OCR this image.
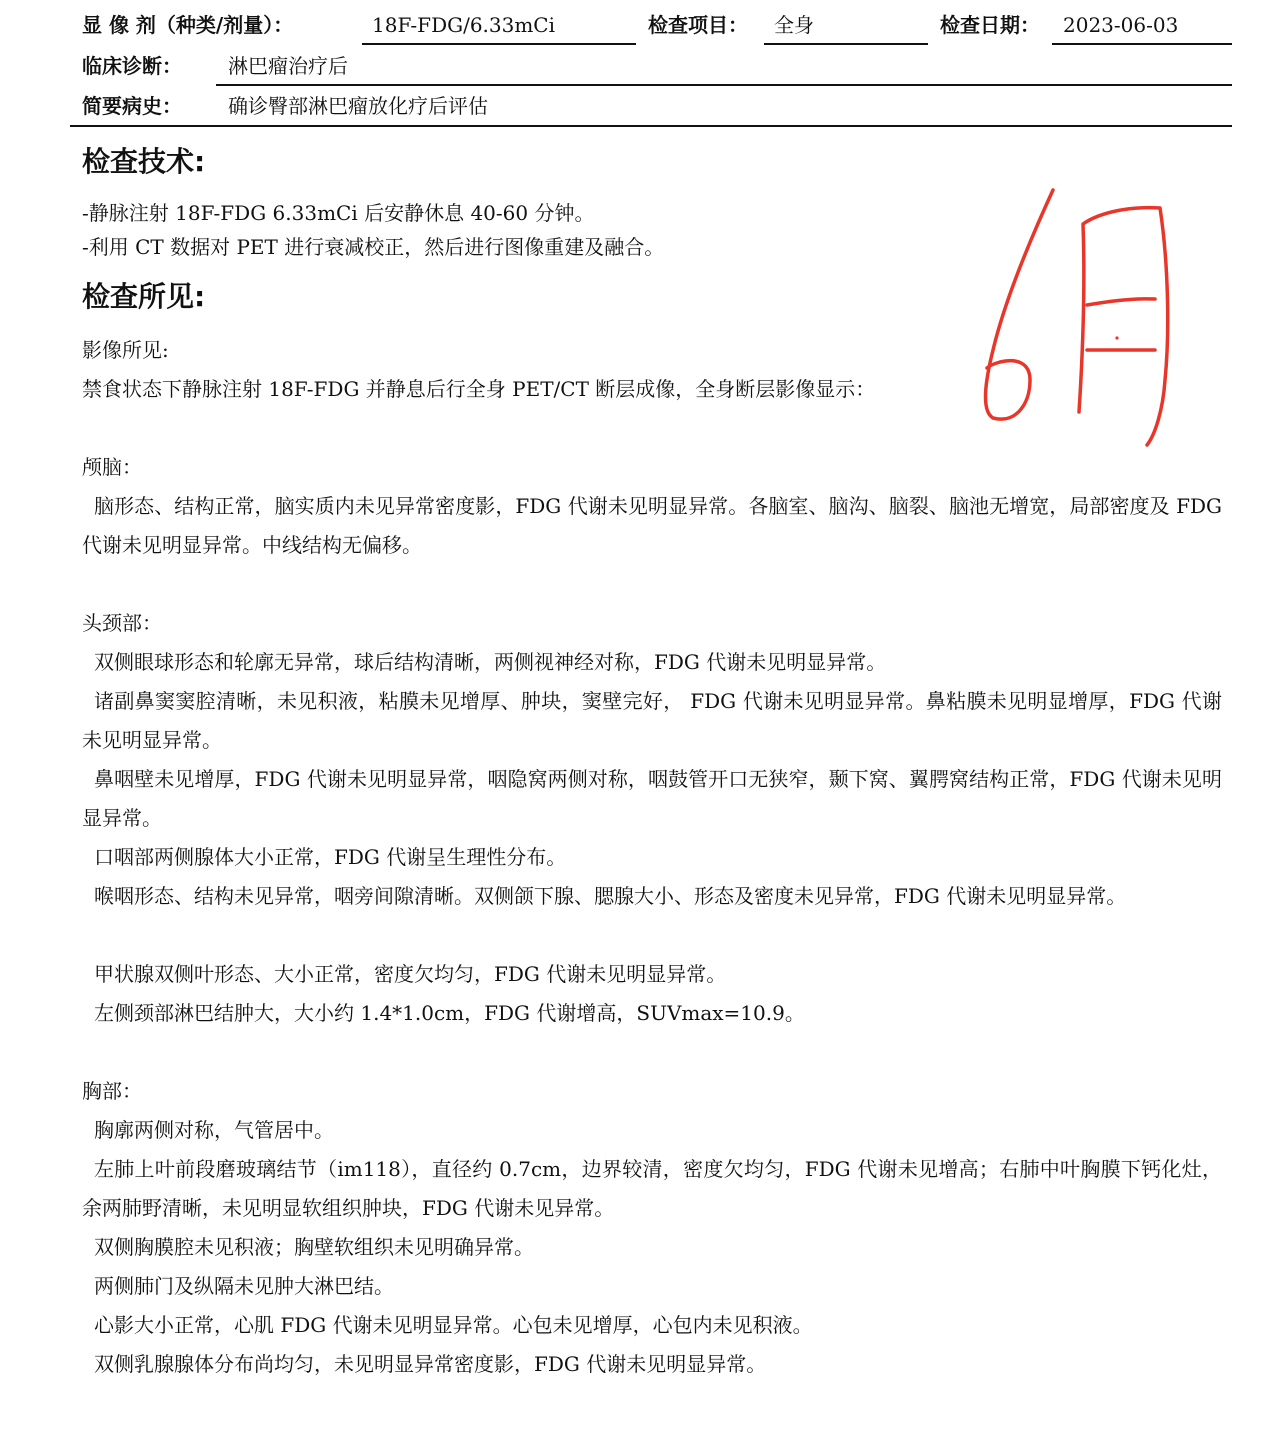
显 像 剂（种类/剂量）：	18F-FDG/6.33mCi	检查项目： 全身	检查日期： 2023-06-03
临床诊断： 淋巴瘤治疗后
简要病史： 确诊臀部淋巴瘤放化疗后评估
检查技术:
-静脉注射 18F-FDG 6.33mCi 后安静休息 40-60 分钟。
-利用 CT 数据对 PET 进行衰减校正，然后进行图像重建及融合。
检查所见:
影像所见:
禁食状态下静脉注射 18F-FDG 并静息后行全身 PET/CT 断层成像，全身断层影像显示：
颅脑：
脑形态、结构正常，脑实质内未见异常密度影，FDG 代谢未见明显异常。各脑室、脑沟、脑裂、脑池无增宽，局部密度及 FDG 代谢未见明显异常。中线结构无偏移。
头颈部：
双侧眼球形态和轮廓无异常，球后结构清晰，两侧视神经对称，FDG 代谢未见明显异常。
诸副鼻窦窦腔清晰，未见积液，粘膜未见增厚、肿块，窦壁完好， FDG 代谢未见明显异常。鼻粘膜未见明显增厚，FDG 代谢未见明显异常。
鼻咽壁未见增厚，FDG 代谢未见明显异常，咽隐窝两侧对称，咽鼓管开口无狭窄，颞下窝、翼腭窝结构正常，FDG 代谢未见明显异常。
口咽部两侧腺体大小正常，FDG 代谢呈生理性分布。
喉咽形态、结构未见异常，咽旁间隙清晰。双侧颌下腺、腮腺大小、形态及密度未见异常，FDG 代谢未见明显异常。
甲状腺双侧叶形态、大小正常，密度欠均匀，FDG 代谢未见明显异常。
左侧颈部淋巴结肿大，大小约 1.4*1.0cm，FDG 代谢增高，SUVmax=10.9。
胸部：
胸廓两侧对称，气管居中。
左肺上叶前段磨玻璃结节（im118），直径约 0.7cm，边界较清，密度欠均匀，FDG 代谢未见增高；右肺中叶胸膜下钙化灶，余两肺野清晰，未见明显软组织肿块，FDG 代谢未见异常。
双侧胸膜腔未见积液；胸壁软组织未见明确异常。
两侧肺门及纵隔未见肿大淋巴结。
心影大小正常，心肌 FDG 代谢未见明显异常。心包未见增厚，心包内未见积液。
双侧乳腺腺体分布尚均匀，未见明显异常密度影，FDG 代谢未见明显异常。
